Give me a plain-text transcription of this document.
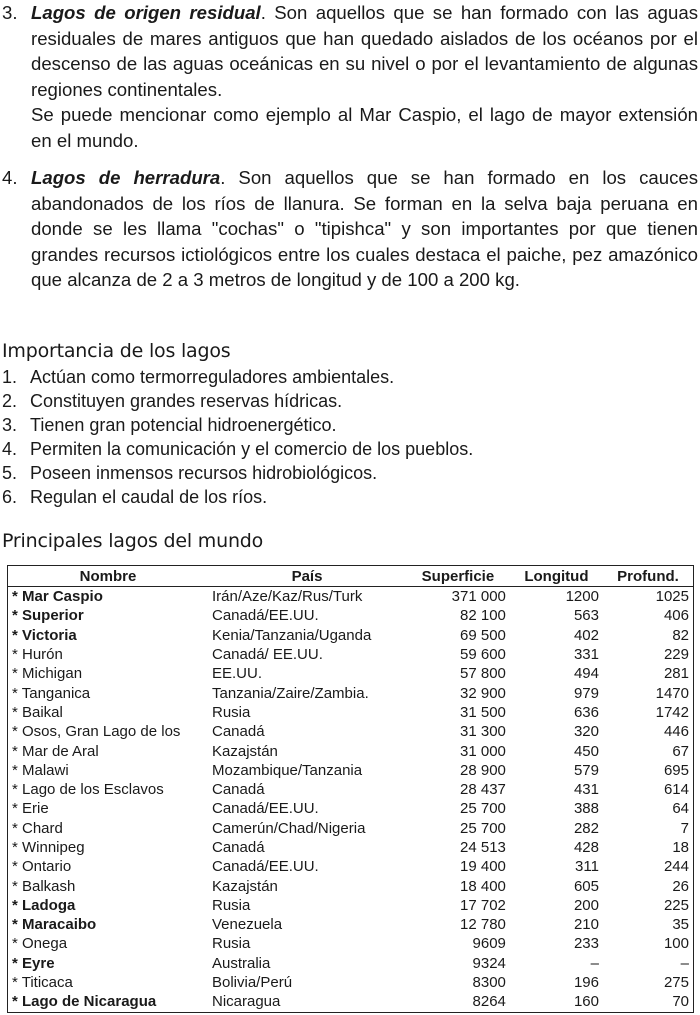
3. Lagos de origen residual. Son aquellos que se han formado con las aguas residuales de mares antiguos que han quedado aislados de los océanos por el descenso de las aguas oceánicas en su nivel o por el levantamiento de algunas regiones continentales.

Se puede mencionar como ejemplo al Mar Caspio, el lago de mayor extensión en el mundo.

4. Lagos de herradura. Son aquellos que se han formado en los cauces abandonados de los ríos de llanura. Se forman en la selva baja peruana en donde se les llama "cochas" o "tipishca" y son importantes por que tienen grandes recursos ictiológicos entre los cuales destaca el paiche, pez amazónico que alcanza de 2 a 3 metros de longitud y de 100 a 200 kg.

Importancia de los lagos
1. Actúan como termorreguladores ambientales.
2. Constituyen grandes reservas hídricas.
3. Tienen gran potencial hidroenergético.
4. Permiten la comunicación y el comercio de los pueblos.
5. Poseen inmensos recursos hidrobiológicos.
6. Regulan el caudal de los ríos.
Principales lagos del mundo
Nombre	País	Superficie	Longitud	Profund.
* Mar Caspio	Irán/Aze/Kaz/Rus/Turk	371 000	1200	1025
* Superior	Canadá/EE.UU.	82 100	563	406
* Victoria	Kenia/Tanzania/Uganda	69 500	402	82
* Hurón	Canadá/ EE.UU.	59 600	331	229
* Michigan	EE.UU.	57 800	494	281
* Tanganica	Tanzania/Zaire/Zambia.	32 900	979	1470
* Baikal	Rusia	31 500	636	1742
* Osos, Gran Lago de los	Canadá	31 300	320	446
* Mar de Aral	Kazajstán	31 000	450	67
* Malawi	Mozambique/Tanzania	28 900	579	695
* Lago de los Esclavos	Canadá	28 437	431	614
* Erie	Canadá/EE.UU.	25 700	388	64
* Chard	Camerún/Chad/Nigeria	25 700	282	7
* Winnipeg	Canadá	24 513	428	18
* Ontario	Canadá/EE.UU.	19 400	311	244
* Balkash	Kazajstán	18 400	605	26
* Ladoga	Rusia	17 702	200	225
* Maracaibo	Venezuela	12 780	210	35
* Onega	Rusia	9609	233	100
* Eyre	Australia	9324	–	–
* Titicaca	Bolivia/Perú	8300	196	275
* Lago de Nicaragua	Nicaragua	8264	160	70
